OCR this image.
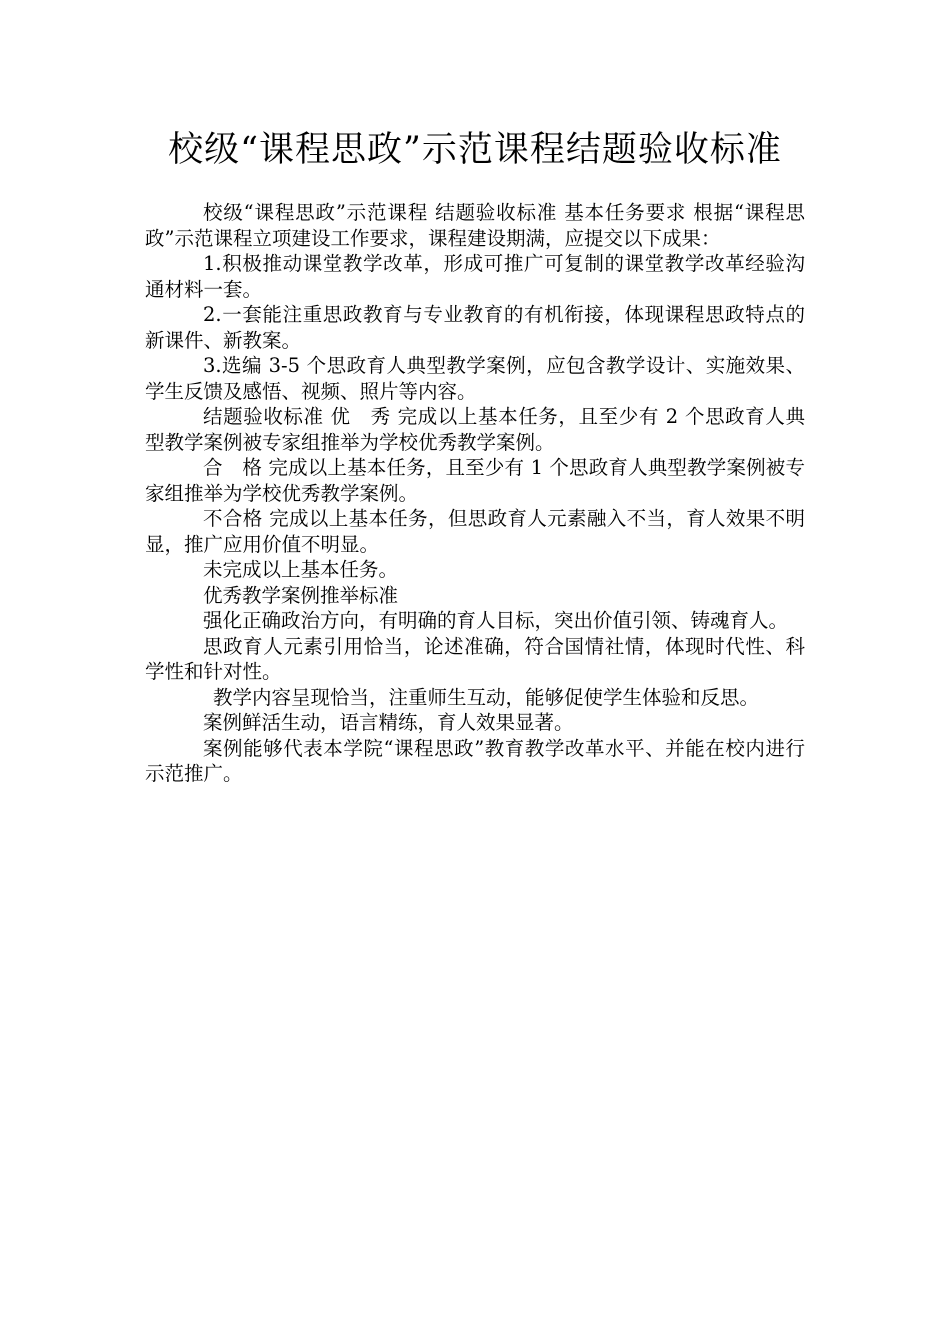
校级“课程思政”示范课程结题验收标准

校级“课程思政”示范课程 结题验收标准 基本任务要求 根据“课程思政”示范课程立项建设工作要求，课程建设期满，应提交以下成果：

1.积极推动课堂教学改革，形成可推广可复制的课堂教学改革经验沟通材料一套。

2.一套能注重思政教育与专业教育的有机衔接，体现课程思政特点的新课件、新教案。

3.选编 3-5 个思政育人典型教学案例，应包含教学设计、实施效果、学生反馈及感悟、视频、照片等内容。

结题验收标准 优　秀 完成以上基本任务，且至少有 2 个思政育人典型教学案例被专家组推举为学校优秀教学案例。

合　格 完成以上基本任务，且至少有 1 个思政育人典型教学案例被专家组推举为学校优秀教学案例。

不合格 完成以上基本任务，但思政育人元素融入不当，育人效果不明显，推广应用价值不明显。

未完成以上基本任务。

优秀教学案例推举标准

强化正确政治方向，有明确的育人目标，突出价值引领、铸魂育人。

思政育人元素引用恰当，论述准确，符合国情社情，体现时代性、科学性和针对性。

教学内容呈现恰当，注重师生互动，能够促使学生体验和反思。

案例鲜活生动，语言精练，育人效果显著。

案例能够代表本学院“课程思政”教育教学改革水平、并能在校内进行示范推广。
